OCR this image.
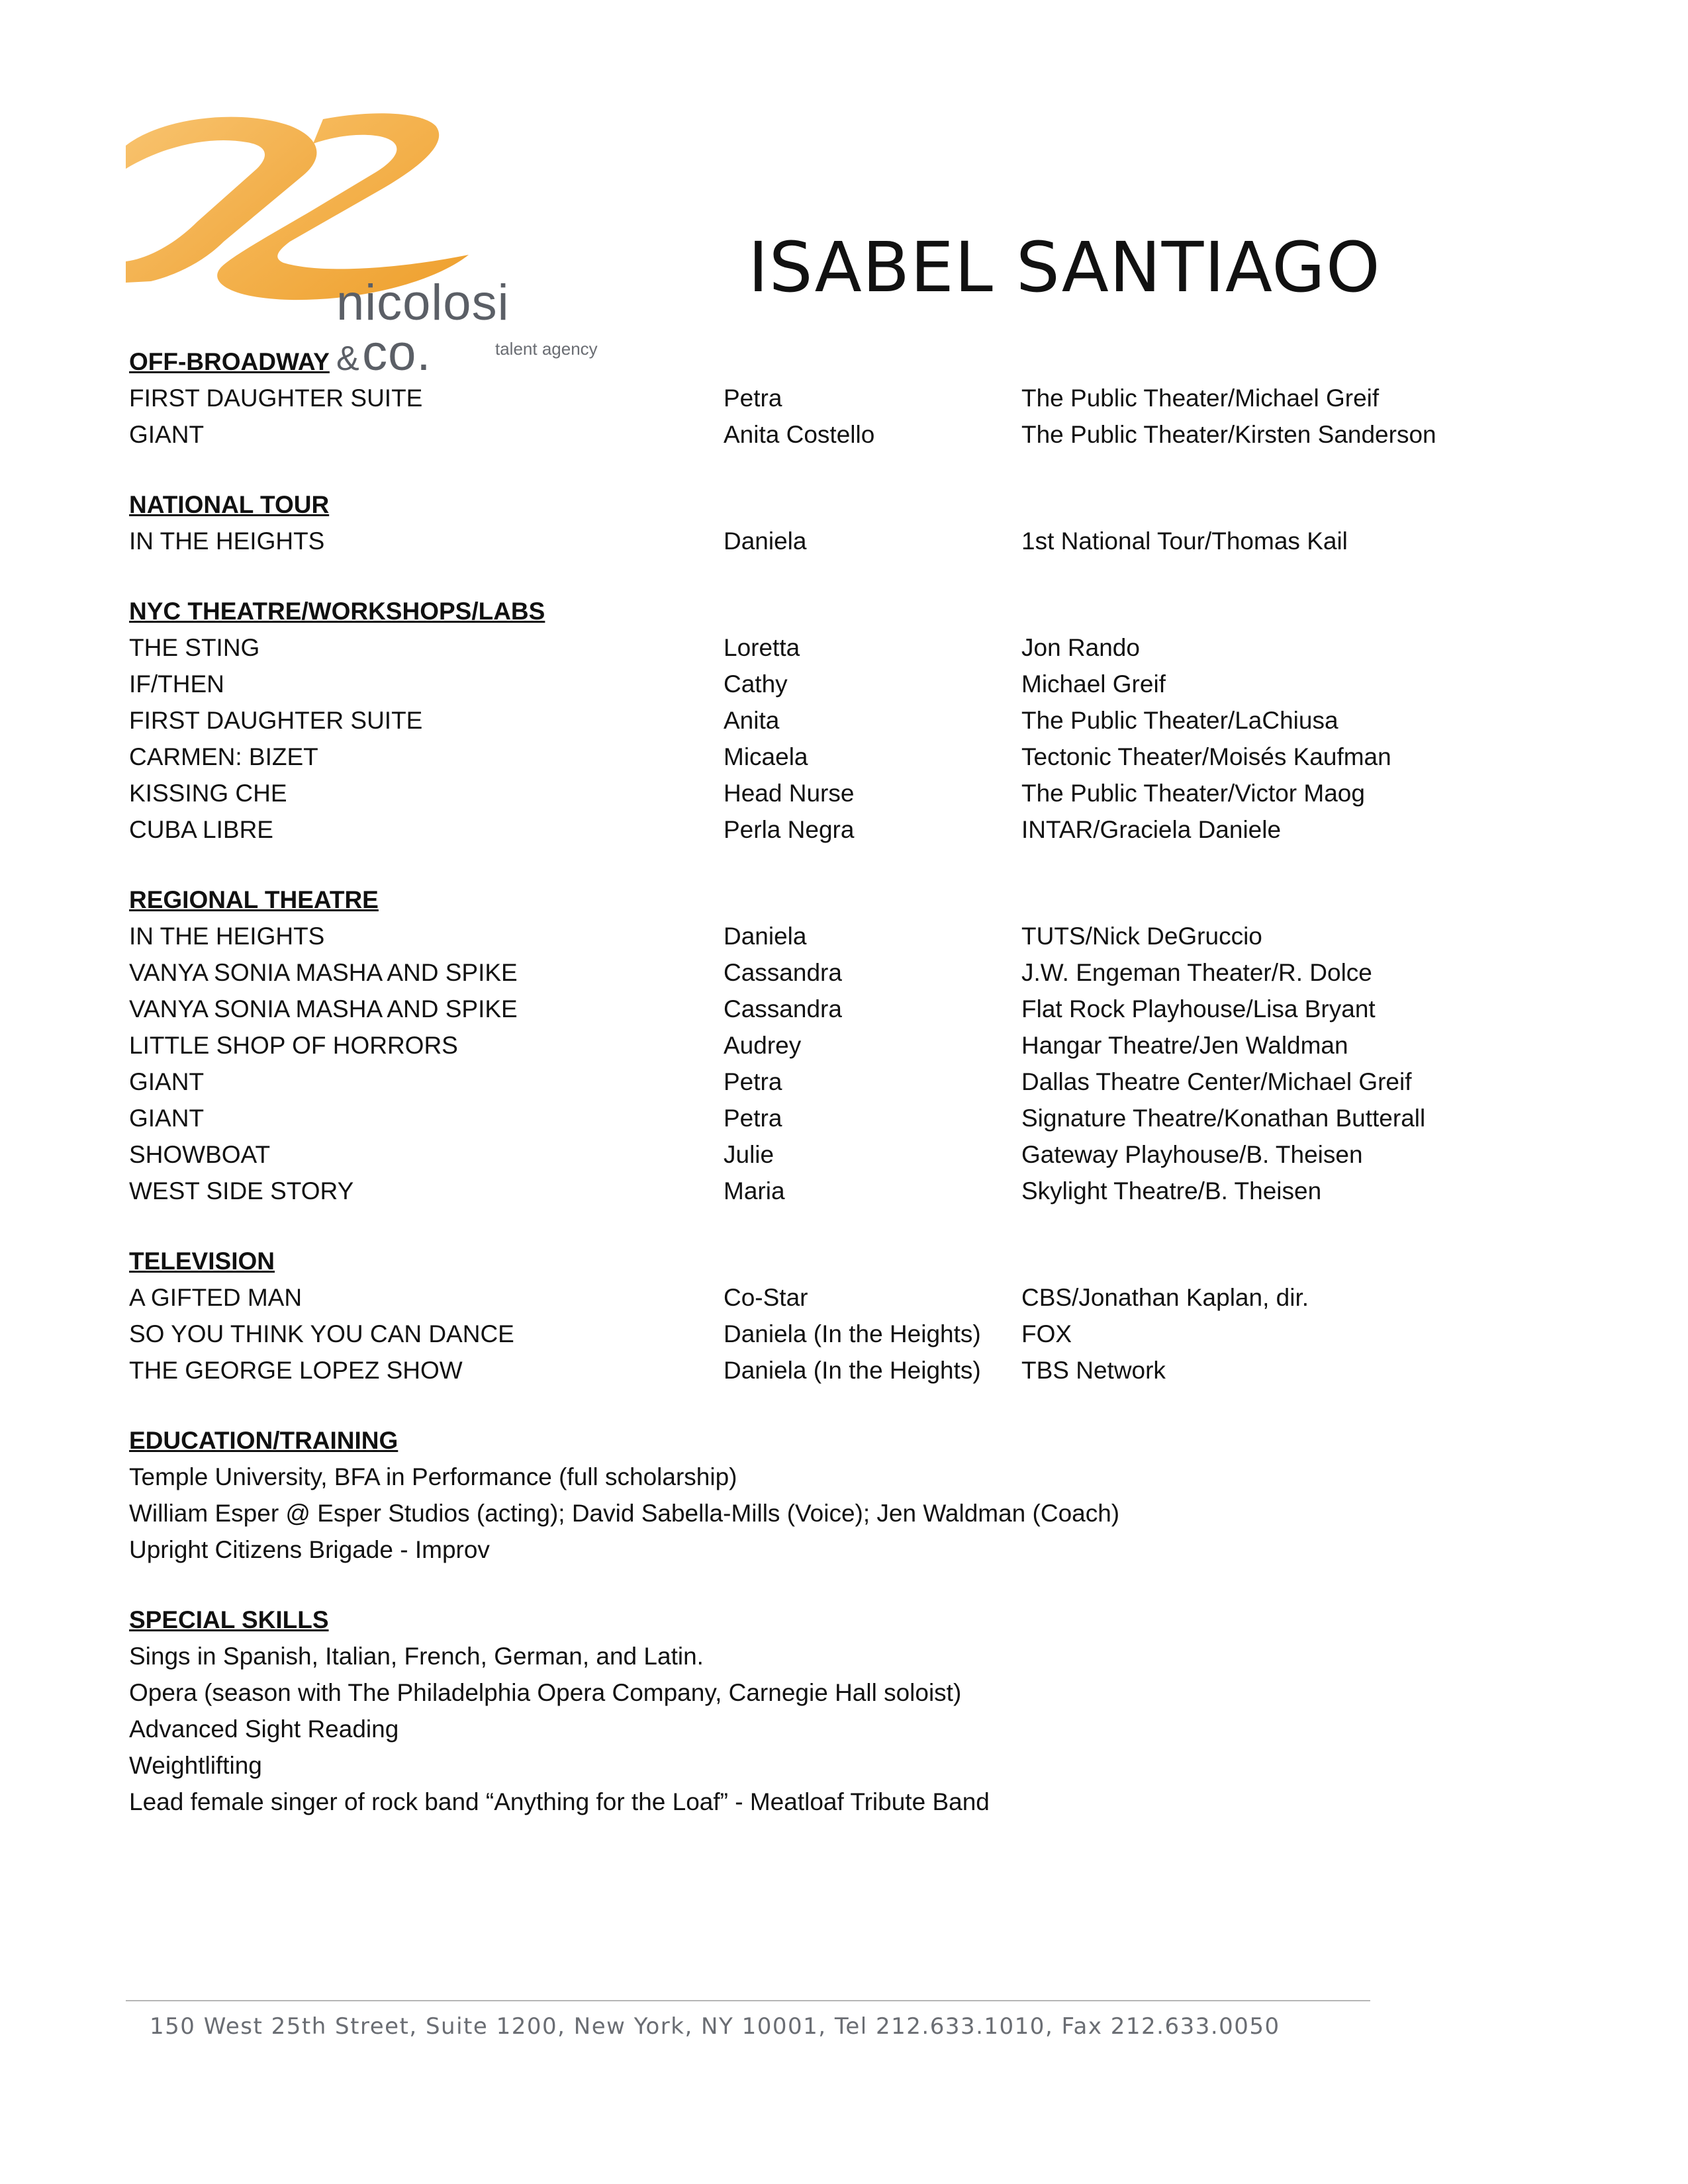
nicolosi & co.	talent agency
ISABEL SANTIAGO
OFF-BROADWAY
FIRST DAUGHTER SUITE	Petra	The Public Theater/Michael Greif
GIANT	Anita Costello	The Public Theater/Kirsten Sanderson
NATIONAL TOUR
IN THE HEIGHTS	Daniela	1st National Tour/Thomas Kail
NYC THEATRE/WORKSHOPS/LABS
THE STING	Loretta	Jon Rando
IF/THEN	Cathy	Michael Greif
FIRST DAUGHTER SUITE	Anita	The Public Theater/LaChiusa
CARMEN: BIZET	Micaela	Tectonic Theater/Moisés Kaufman
KISSING CHE	Head Nurse	The Public Theater/Victor Maog
CUBA LIBRE	Perla Negra	INTAR/Graciela Daniele
REGIONAL THEATRE
IN THE HEIGHTS	Daniela	TUTS/Nick DeGruccio
VANYA SONIA MASHA AND SPIKE	Cassandra	J.W. Engeman Theater/R. Dolce
VANYA SONIA MASHA AND SPIKE	Cassandra	Flat Rock Playhouse/Lisa Bryant
LITTLE SHOP OF HORRORS	Audrey	Hangar Theatre/Jen Waldman
GIANT	Petra	Dallas Theatre Center/Michael Greif
GIANT	Petra	Signature Theatre/Konathan Butterall
SHOWBOAT	Julie	Gateway Playhouse/B. Theisen
WEST SIDE STORY	Maria	Skylight Theatre/B. Theisen
TELEVISION
A GIFTED MAN	Co-Star	CBS/Jonathan Kaplan, dir.
SO YOU THINK YOU CAN DANCE	Daniela (In the Heights)	FOX
THE GEORGE LOPEZ SHOW	Daniela (In the Heights)	TBS Network
EDUCATION/TRAINING
Temple University, BFA in Performance (full scholarship)
William Esper @ Esper Studios (acting); David Sabella-Mills (Voice); Jen Waldman (Coach)
Upright Citizens Brigade - Improv
SPECIAL SKILLS
Sings in Spanish, Italian, French, German, and Latin.
Opera (season with The Philadelphia Opera Company, Carnegie Hall soloist)
Advanced Sight Reading
Weightlifting
Lead female singer of rock band “Anything for the Loaf” - Meatloaf Tribute Band
150 West 25th Street, Suite 1200, New York, NY 10001, Tel 212.633.1010, Fax 212.633.0050
